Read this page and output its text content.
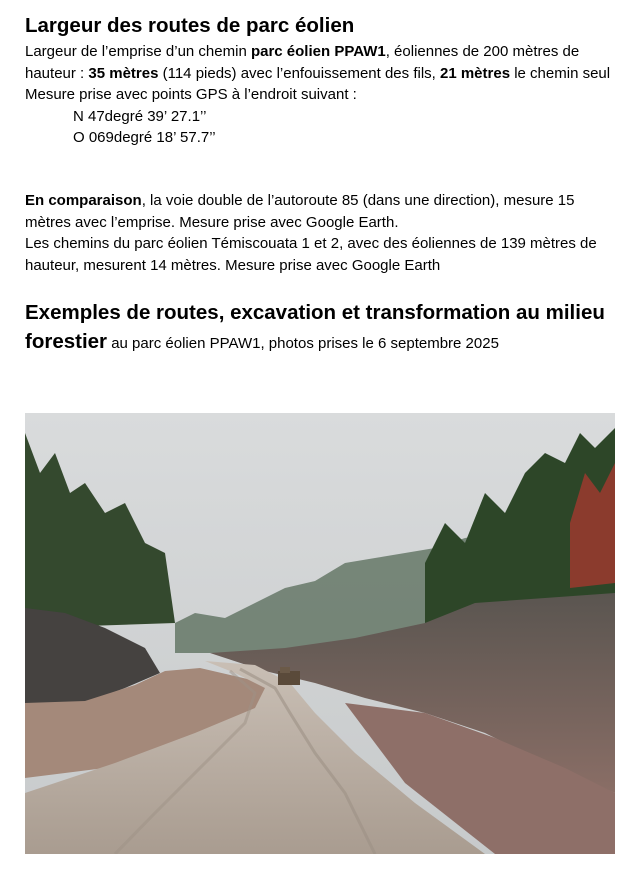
Largeur des routes de parc éolien
Largeur de l’emprise d’un chemin parc éolien PPAW1, éoliennes de 200 mètres de hauteur : 35 mètres (114 pieds) avec l’enfouissement des fils, 21 mètres le chemin seul
Mesure prise avec points GPS à l’endroit suivant :
N 47degré 39’ 27.1’’
O 069degré 18’ 57.7’’
En comparaison, la voie double de l’autoroute 85 (dans une direction), mesure 15 mètres avec l’emprise. Mesure prise avec Google Earth.
Les chemins du parc éolien Témiscouata 1 et 2, avec des éoliennes de 139 mètres de hauteur, mesurent 14 mètres. Mesure prise avec Google Earth
Exemples de routes, excavation et transformation au milieu forestier au parc éolien PPAW1, photos prises le 6 septembre 2025
